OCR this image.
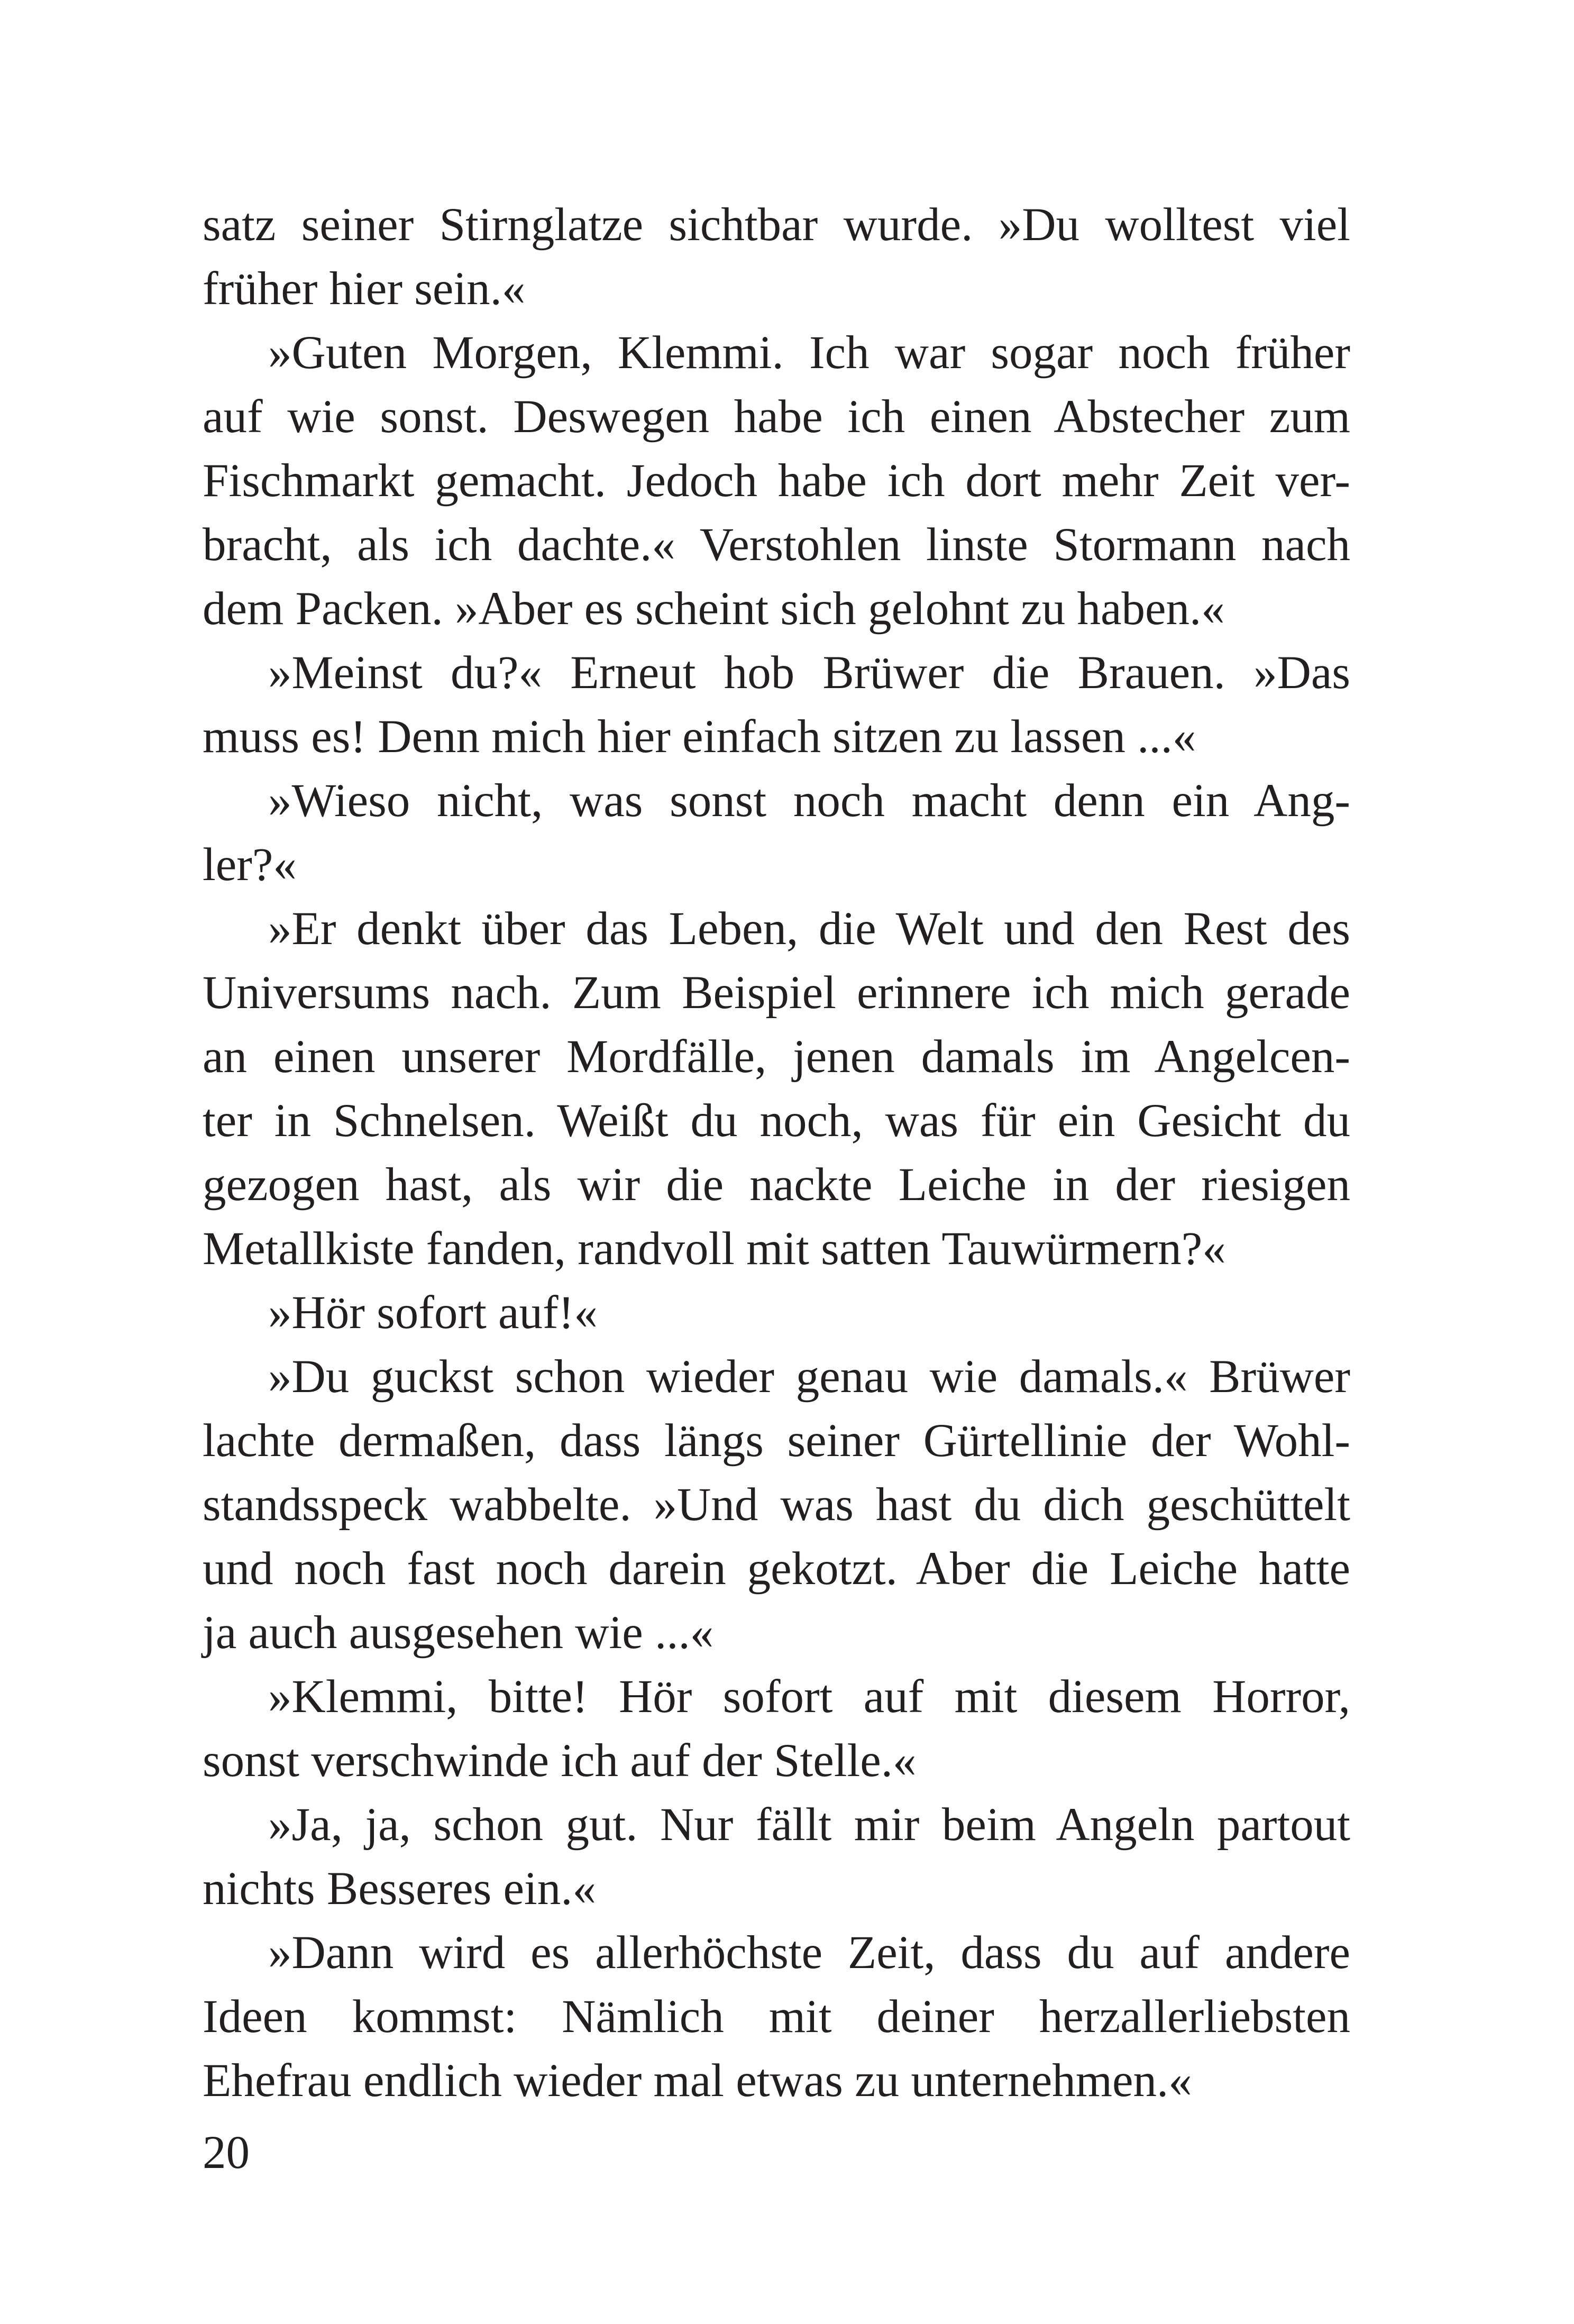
satz seiner Stirnglatze sichtbar wurde. »Du wolltest viel
früher hier sein.«
»Guten Morgen, Klemmi. Ich war sogar noch früher
auf wie sonst. Deswegen habe ich einen Abstecher zum
Fischmarkt gemacht. Jedoch habe ich dort mehr Zeit ver-
bracht, als ich dachte.« Verstohlen linste Stormann nach
dem Packen. »Aber es scheint sich gelohnt zu haben.«
»Meinst du?« Erneut hob Brüwer die Brauen. »Das
muss es! Denn mich hier einfach sitzen zu lassen ...«
»Wieso nicht, was sonst noch macht denn ein Ang-
ler?«
»Er denkt über das Leben, die Welt und den Rest des
Universums nach. Zum Beispiel erinnere ich mich gerade
an einen unserer Mordfälle, jenen damals im Angelcen-
ter in Schnelsen. Weißt du noch, was für ein Gesicht du
gezogen hast, als wir die nackte Leiche in der riesigen
Metallkiste fanden, randvoll mit satten Tauwürmern?«
»Hör sofort auf!«
»Du guckst schon wieder genau wie damals.« Brüwer
lachte dermaßen, dass längs seiner Gürtellinie der Wohl-
standsspeck wabbelte. »Und was hast du dich geschüttelt
und noch fast noch darein gekotzt. Aber die Leiche hatte
ja auch ausgesehen wie ...«
»Klemmi, bitte! Hör sofort auf mit diesem Horror,
sonst verschwinde ich auf der Stelle.«
»Ja, ja, schon gut. Nur fällt mir beim Angeln partout
nichts Besseres ein.«
»Dann wird es allerhöchste Zeit, dass du auf andere
Ideen kommst: Nämlich mit deiner herzallerliebsten
Ehefrau endlich wieder mal etwas zu unternehmen.«
20
